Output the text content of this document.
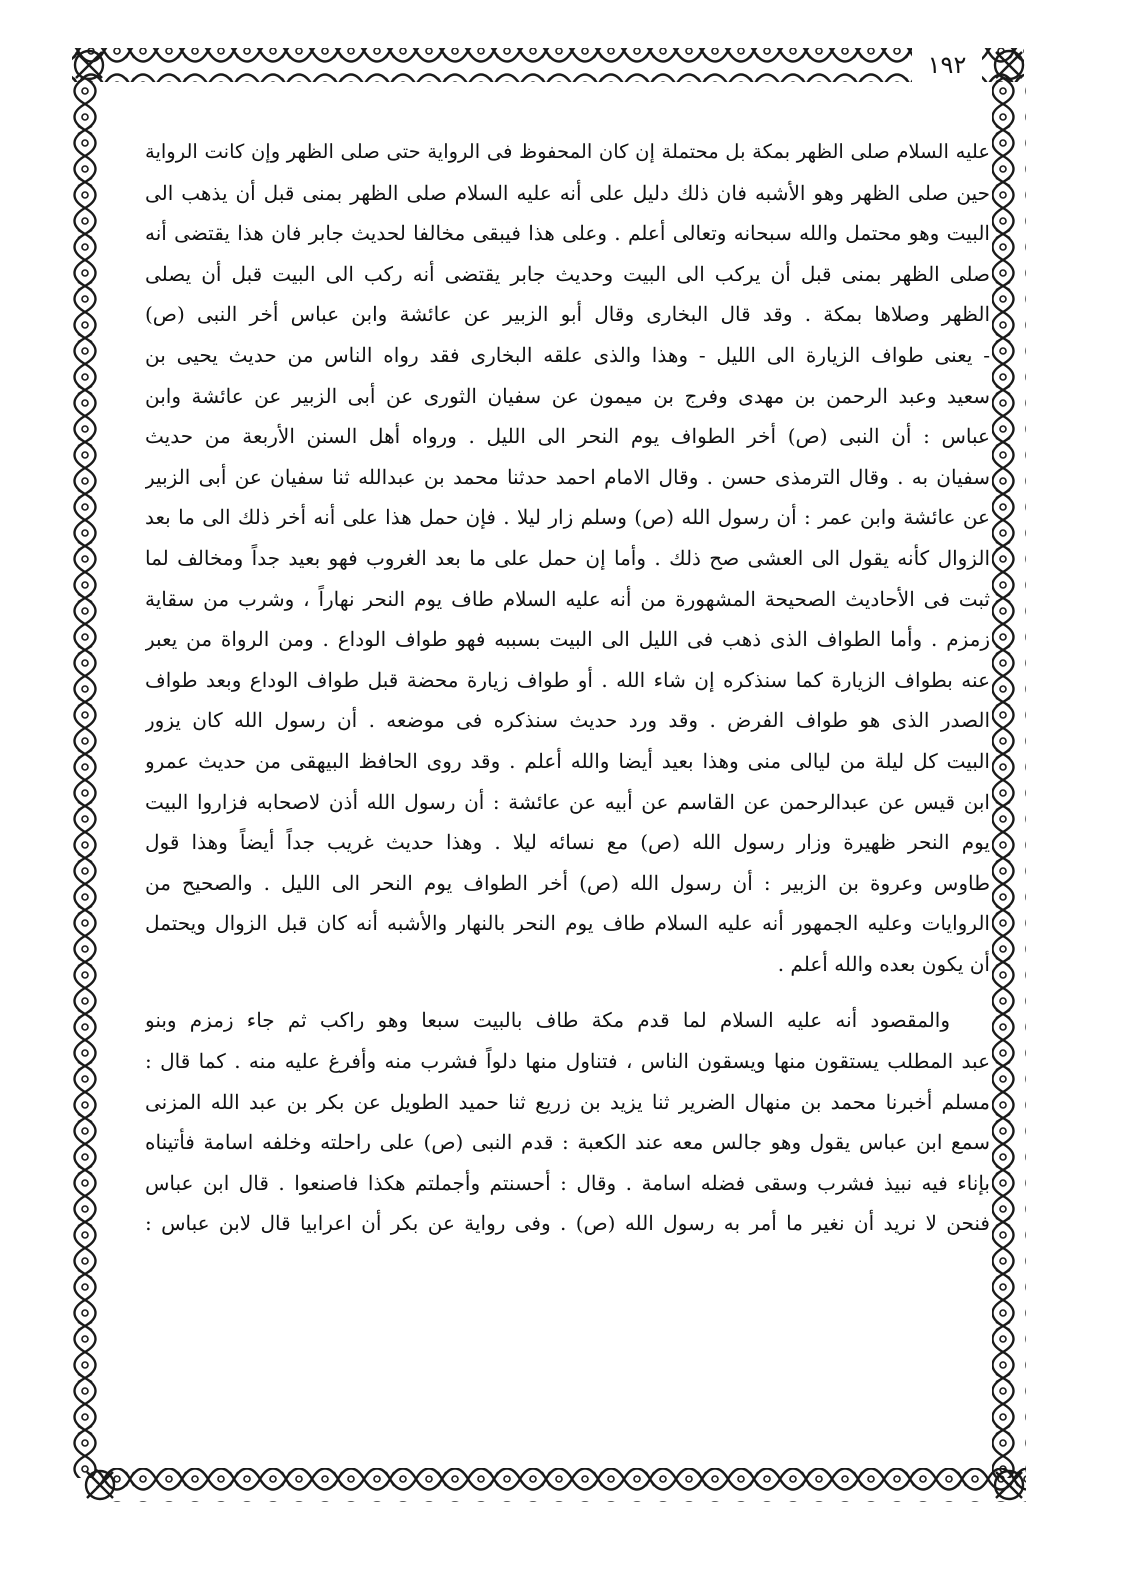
١٩٢
عليه السلام صلى الظهر بمكة بل محتملة إن كان المحفوظ فى الرواية حتى صلى الظهر وإن كانت الرواية
حين صلى الظهر وهو الأشبه فان ذلك دليل على أنه عليه السلام صلى الظهر بمنى قبل أن يذهب الى
البيت وهو محتمل والله سبحانه وتعالى أعلم . وعلى هذا فيبقى مخالفا لحديث جابر فان هذا يقتضى أنه
صلى الظهر بمنى قبل أن يركب الى البيت وحديث جابر يقتضى أنه ركب الى البيت قبل أن يصلى
الظهر وصلاها بمكة . وقد قال البخارى وقال أبو الزبير عن عائشة وابن عباس أخر النبى (ص)
- يعنى طواف الزيارة الى الليل - وهذا والذى علقه البخارى فقد رواه الناس من حديث يحيى بن
سعيد وعبد الرحمن بن مهدى وفرج بن ميمون عن سفيان الثورى عن أبى الزبير عن عائشة وابن
عباس : أن النبى (ص) أخر الطواف يوم النحر الى الليل . ورواه أهل السنن الأربعة من حديث
سفيان به . وقال الترمذى حسن . وقال الامام احمد حدثنا محمد بن عبدالله ثنا سفيان عن أبى الزبير
عن عائشة وابن عمر : أن رسول الله (ص) وسلم زار ليلا . فإن حمل هذا على أنه أخر ذلك الى ما بعد
الزوال كأنه يقول الى العشى صح ذلك . وأما إن حمل على ما بعد الغروب فهو بعيد جداً ومخالف لما
ثبت فى الأحاديث الصحيحة المشهورة من أنه عليه السلام طاف يوم النحر نهاراً ، وشرب من سقاية
زمزم . وأما الطواف الذى ذهب فى الليل الى البيت بسببه فهو طواف الوداع . ومن الرواة من يعبر
عنه بطواف الزيارة كما سنذكره إن شاء الله . أو طواف زيارة محضة قبل طواف الوداع وبعد طواف
الصدر الذى هو طواف الفرض . وقد ورد حديث سنذكره فى موضعه . أن رسول الله كان يزور
البيت كل ليلة من ليالى منى وهذا بعيد أيضا والله أعلم . وقد روى الحافظ البيهقى من حديث عمرو
ابن قيس عن عبدالرحمن عن القاسم عن أبيه عن عائشة : أن رسول الله أذن لاصحابه فزاروا البيت
يوم النحر ظهيرة وزار رسول الله (ص) مع نسائه ليلا . وهذا حديث غريب جداً أيضاً وهذا قول
طاوس وعروة بن الزبير : أن رسول الله (ص) أخر الطواف يوم النحر الى الليل . والصحيح من
الروايات وعليه الجمهور أنه عليه السلام طاف يوم النحر بالنهار والأشبه أنه كان قبل الزوال ويحتمل
أن يكون بعده والله أعلم .
والمقصود أنه عليه السلام لما قدم مكة طاف بالبيت سبعا وهو راكب ثم جاء زمزم وبنو
عبد المطلب يستقون منها ويسقون الناس ، فتناول منها دلواً فشرب منه وأفرغ عليه منه . كما قال :
مسلم أخبرنا محمد بن منهال الضرير ثنا يزيد بن زريع ثنا حميد الطويل عن بكر بن عبد الله المزنى
سمع ابن عباس يقول وهو جالس معه عند الكعبة : قدم النبى (ص) على راحلته وخلفه اسامة فأتيناه
بإناء فيه نبيذ فشرب وسقى فضله اسامة . وقال : أحسنتم وأجملتم هكذا فاصنعوا . قال ابن عباس
فنحن لا نريد أن نغير ما أمر به رسول الله (ص) . وفى رواية عن بكر أن اعرابيا قال لابن عباس :
